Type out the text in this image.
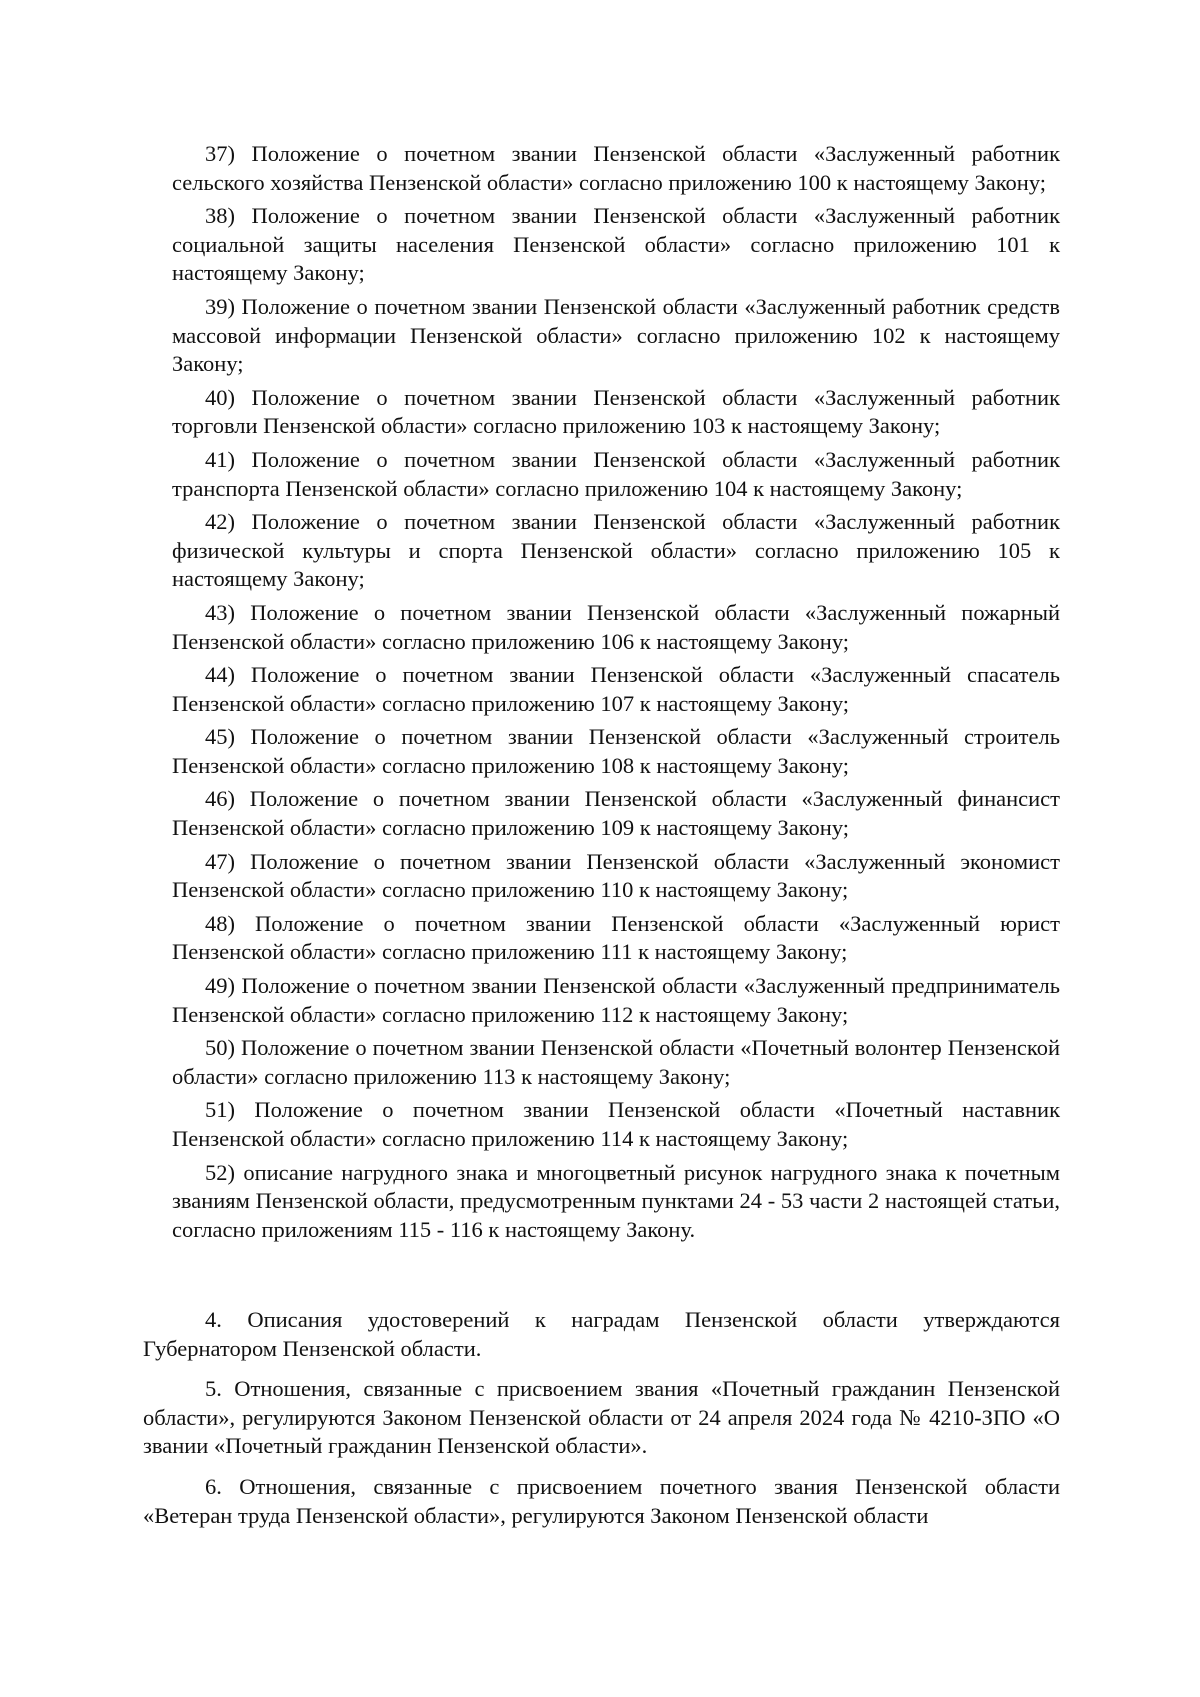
37) Положение о почетном звании Пензенской области «Заслуженный работник сельского хозяйства Пензенской области» согласно приложению 100 к настоящему Закону;

38) Положение о почетном звании Пензенской области «Заслуженный работник социальной защиты населения Пензенской области» согласно приложению 101 к настоящему Закону;

39) Положение о почетном звании Пензенской области «Заслуженный работник средств массовой информации Пензенской области» согласно приложению 102 к настоящему Закону;

40) Положение о почетном звании Пензенской области «Заслуженный работник торговли Пензенской области» согласно приложению 103 к настоящему Закону;

41) Положение о почетном звании Пензенской области «Заслуженный работник транспорта Пензенской области» согласно приложению 104 к настоящему Закону;

42) Положение о почетном звании Пензенской области «Заслуженный работник физической культуры и спорта Пензенской области» согласно приложению 105 к настоящему Закону;

43) Положение о почетном звании Пензенской области «Заслуженный пожарный Пензенской области» согласно приложению 106 к настоящему Закону;

44) Положение о почетном звании Пензенской области «Заслуженный спасатель Пензенской области» согласно приложению 107 к настоящему Закону;

45) Положение о почетном звании Пензенской области «Заслуженный строитель Пензенской области» согласно приложению 108 к настоящему Закону;

46) Положение о почетном звании Пензенской области «Заслуженный финансист Пензенской области» согласно приложению 109 к настоящему Закону;

47) Положение о почетном звании Пензенской области «Заслуженный экономист Пензенской области» согласно приложению 110 к настоящему Закону;

48) Положение о почетном звании Пензенской области «Заслуженный юрист Пензенской области» согласно приложению 111 к настоящему Закону;

49) Положение о почетном звании Пензенской области «Заслуженный предприниматель Пензенской области» согласно приложению 112 к настоящему Закону;

50) Положение о почетном звании Пензенской области «Почетный волонтер Пензенской области» согласно приложению 113 к настоящему Закону;

51) Положение о почетном звании Пензенской области «Почетный наставник Пензенской области» согласно приложению 114 к настоящему Закону;

52) описание нагрудного знака и многоцветный рисунок нагрудного знака к почетным званиям Пензенской области, предусмотренным пунктами 24 - 53 части 2 настоящей статьи, согласно приложениям 115 - 116 к настоящему Закону.

4. Описания удостоверений к наградам Пензенской области утверждаются Губернатором Пензенской области.

5. Отношения, связанные с присвоением звания «Почетный гражданин Пензенской области», регулируются Законом Пензенской области от 24 апреля 2024 года № 4210-ЗПО «О звании «Почетный гражданин Пензенской области».

6. Отношения, связанные с присвоением почетного звания Пензенской области «Ветеран труда Пензенской области», регулируются Законом Пензенской области
